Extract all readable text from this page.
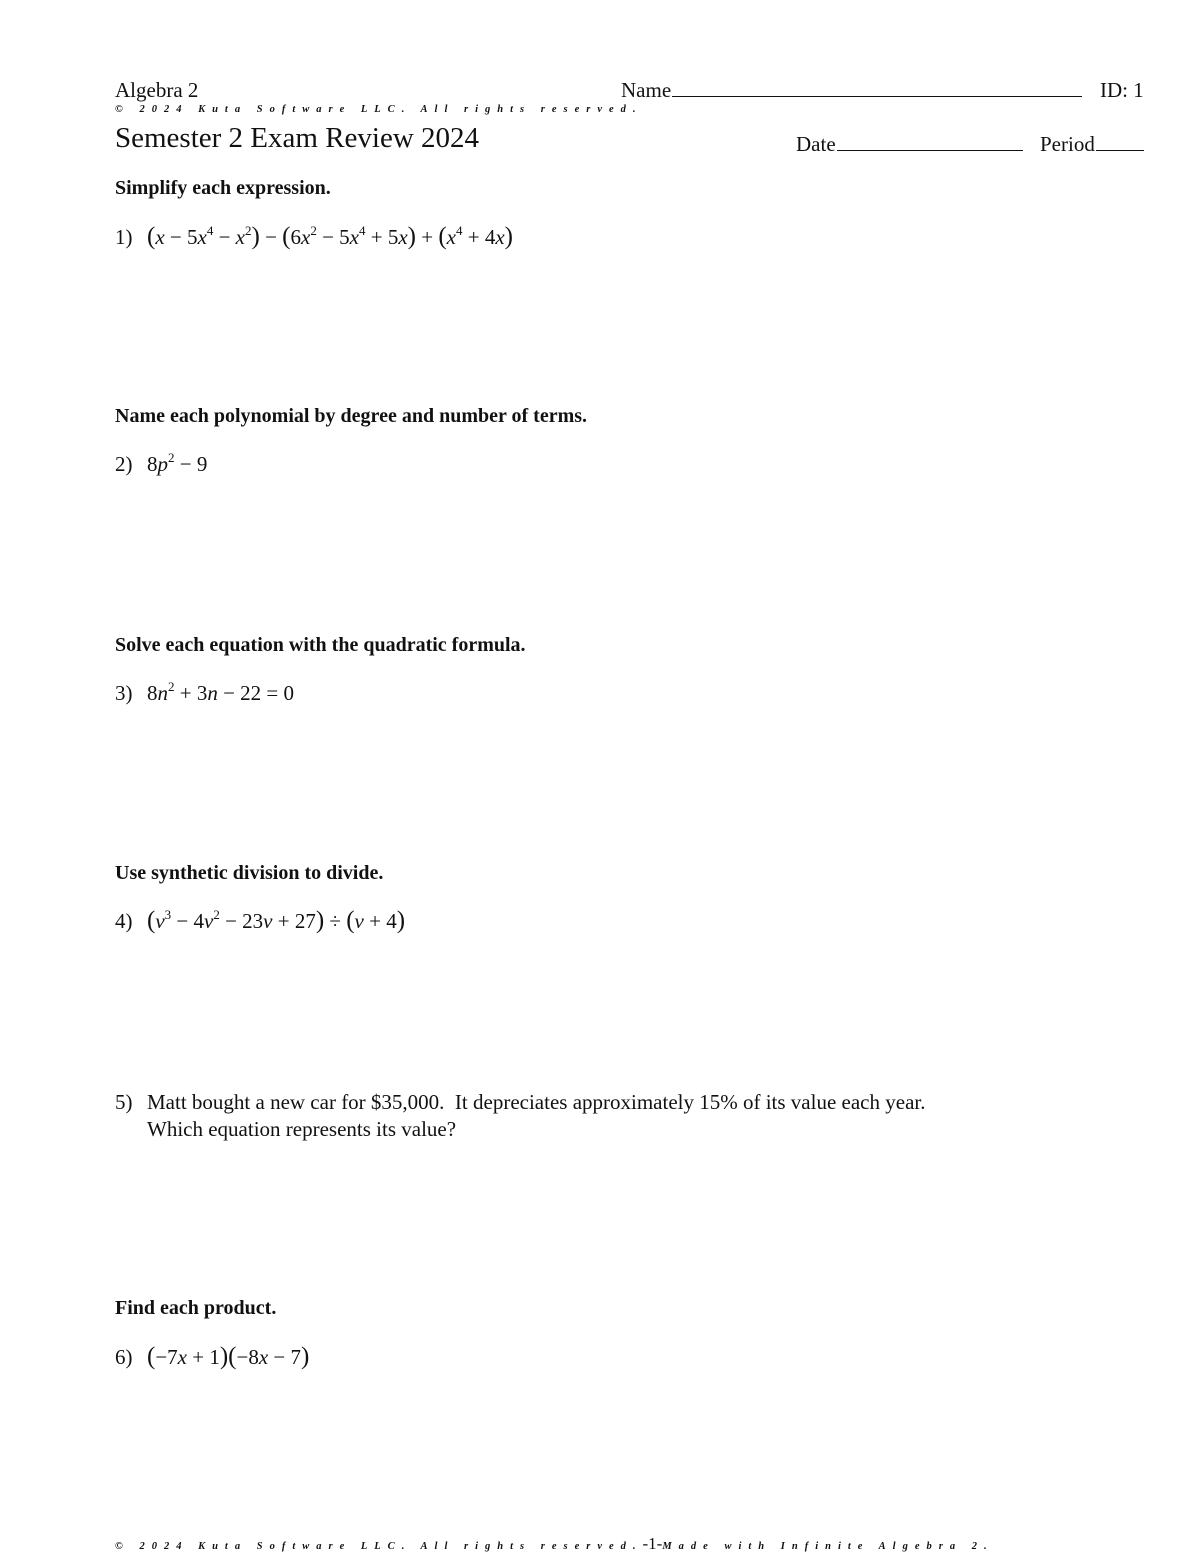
Algebra 2	Name	ID: 1
© 2024 Kuta Software LLC. All rights reserved.
Semester 2 Exam Review 2024	Date	Period
Simplify each expression.
1) $(x - 5x^4 - x^2) - (6x^2 - 5x^4 + 5x) + (x^4 + 4x)$
Name each polynomial by degree and number of terms.
2) $8p^2 - 9$
Solve each equation with the quadratic formula.
3) $8n^2 + 3n - 22 = 0$
Use synthetic division to divide.
4) $(v^3 - 4v^2 - 23v + 27) \div (v + 4)$
5) Matt bought a new car for $35,000.  It depreciates approximately 15% of its value each year.
Which equation represents its value?
Find each product.
6) (−7x + 1)(−8x − 7)
© 2024 Kuta Software LLC. All rights reserved.-1-Made with Infinite Algebra 2.
